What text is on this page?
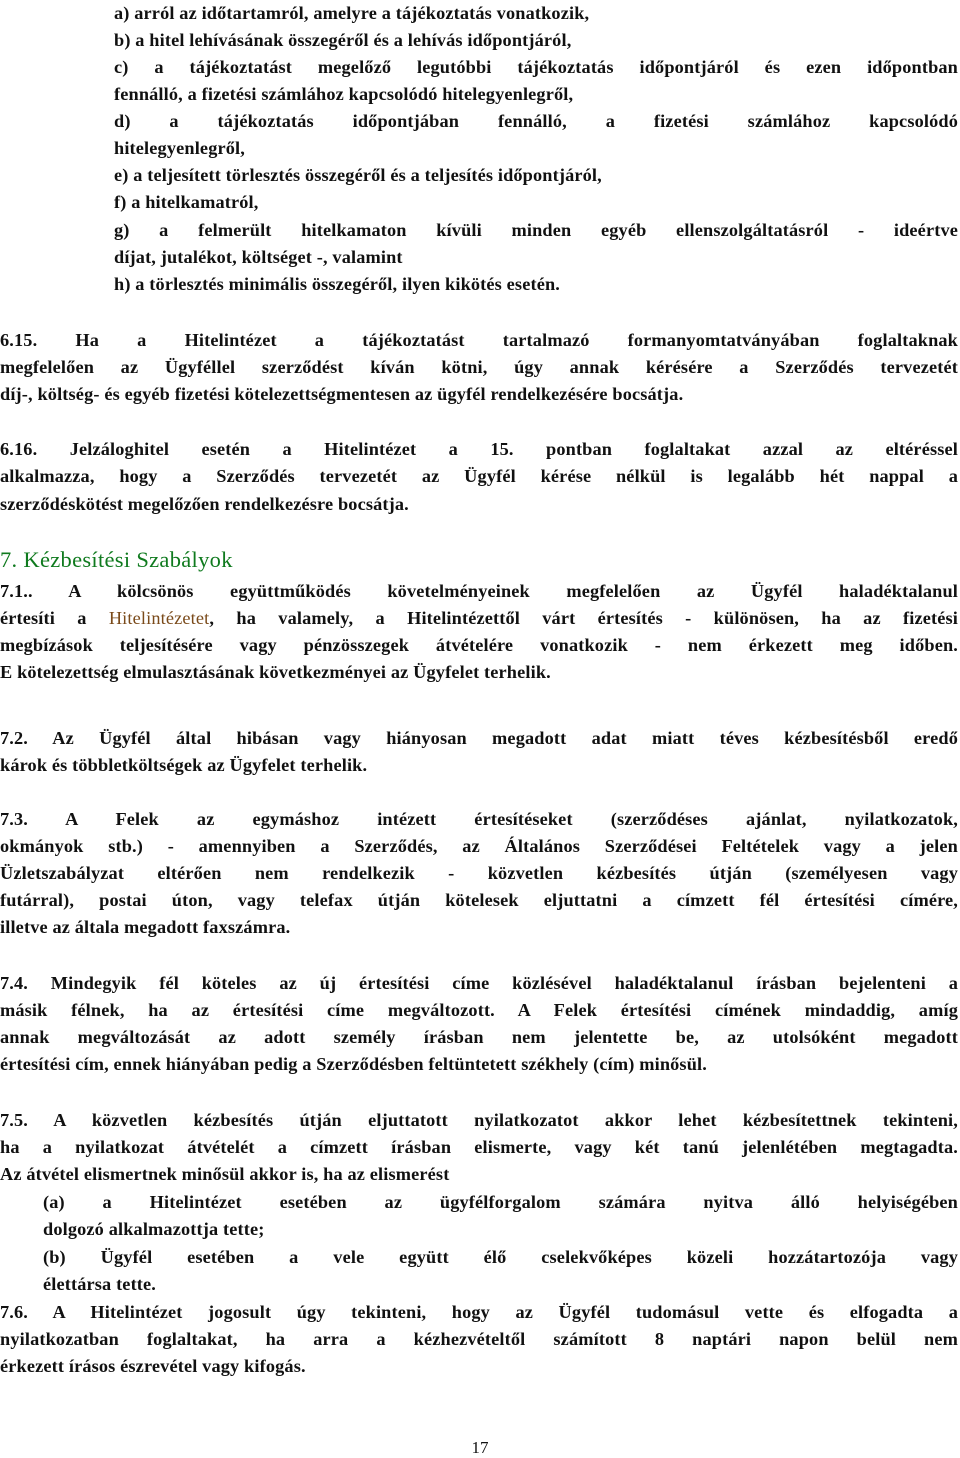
a) arról az időtartamról, amelyre a tájékoztatás vonatkozik,
b) a hitel lehívásának összegéről és a lehívás időpontjáról,
c) a tájékoztatást megelőző legutóbbi tájékoztatás időpontjáról és ezen időpontban
fennálló, a fizetési számlához kapcsolódó hitelegyenlegről,
d) a tájékoztatás időpontjában fennálló, a fizetési számlához kapcsolódó
hitelegyenlegről,
e) a teljesített törlesztés összegéről és a teljesítés időpontjáról,
f) a hitelkamatról,
g) a felmerült hitelkamaton kívüli minden egyéb ellenszolgáltatásról - ideértve
díjat, jutalékot, költséget -, valamint
h) a törlesztés minimális összegéről, ilyen kikötés esetén.
6.15. Ha a Hitelintézet a tájékoztatást tartalmazó formanyomtatványában foglaltaknak
megfelelően az Ügyféllel szerződést kíván kötni, úgy annak kérésére a Szerződés tervezetét
díj-, költség- és egyéb fizetési kötelezettségmentesen az ügyfél rendelkezésére bocsátja.
6.16. Jelzáloghitel esetén a Hitelintézet a 15. pontban foglaltakat azzal az eltéréssel
alkalmazza, hogy a Szerződés tervezetét az Ügyfél kérése nélkül is legalább hét nappal a
szerződéskötést megelőzően rendelkezésre bocsátja.
7. Kézbesítési Szabályok
7.1.. A kölcsönös együttműködés követelményeinek megfelelően az Ügyfél haladéktalanul
értesíti a Hitelintézetet, ha valamely, a Hitelintézettől várt értesítés - különösen, ha az fizetési
megbízások teljesítésére vagy pénzösszegek átvételére vonatkozik - nem érkezett meg időben.
E kötelezettség elmulasztásának következményei az Ügyfelet terhelik.
7.2. Az Ügyfél által hibásan vagy hiányosan megadott adat miatt téves kézbesítésből eredő
károk és többletköltségek az Ügyfelet terhelik.
7.3. A Felek az egymáshoz intézett értesítéseket (szerződéses ajánlat, nyilatkozatok,
okmányok stb.) - amennyiben a Szerződés, az Általános Szerződései Feltételek vagy a jelen
Üzletszabályzat eltérően nem rendelkezik - közvetlen kézbesítés útján (személyesen vagy
futárral), postai úton, vagy telefax útján kötelesek eljuttatni a címzett fél értesítési címére,
illetve az általa megadott faxszámra.
7.4. Mindegyik fél köteles az új értesítési címe közlésével haladéktalanul írásban bejelenteni a
másik félnek, ha az értesítési címe megváltozott. A Felek értesítési címének mindaddig, amíg
annak megváltozását az adott személy írásban nem jelentette be, az utolsóként megadott
értesítési cím, ennek hiányában pedig a Szerződésben feltüntetett székhely (cím) minősül.
7.5. A közvetlen kézbesítés útján eljuttatott nyilatkozatot akkor lehet kézbesítettnek tekinteni,
ha a nyilatkozat átvételét a címzett írásban elismerte, vagy két tanú jelenlétében megtagadta.
Az átvétel elismertnek minősül akkor is, ha az elismerést
(a) a Hitelintézet esetében az ügyfélforgalom számára nyitva álló helyiségében
dolgozó alkalmazottja tette;
(b) Ügyfél esetében a vele együtt élő cselekvőképes közeli hozzátartozója vagy
élettársa tette.
7.6. A Hitelintézet jogosult úgy tekinteni, hogy az Ügyfél tudomásul vette és elfogadta a
nyilatkozatban foglaltakat, ha arra a kézhezvételtől számított 8 naptári napon belül nem
érkezett írásos észrevétel vagy kifogás.
17
